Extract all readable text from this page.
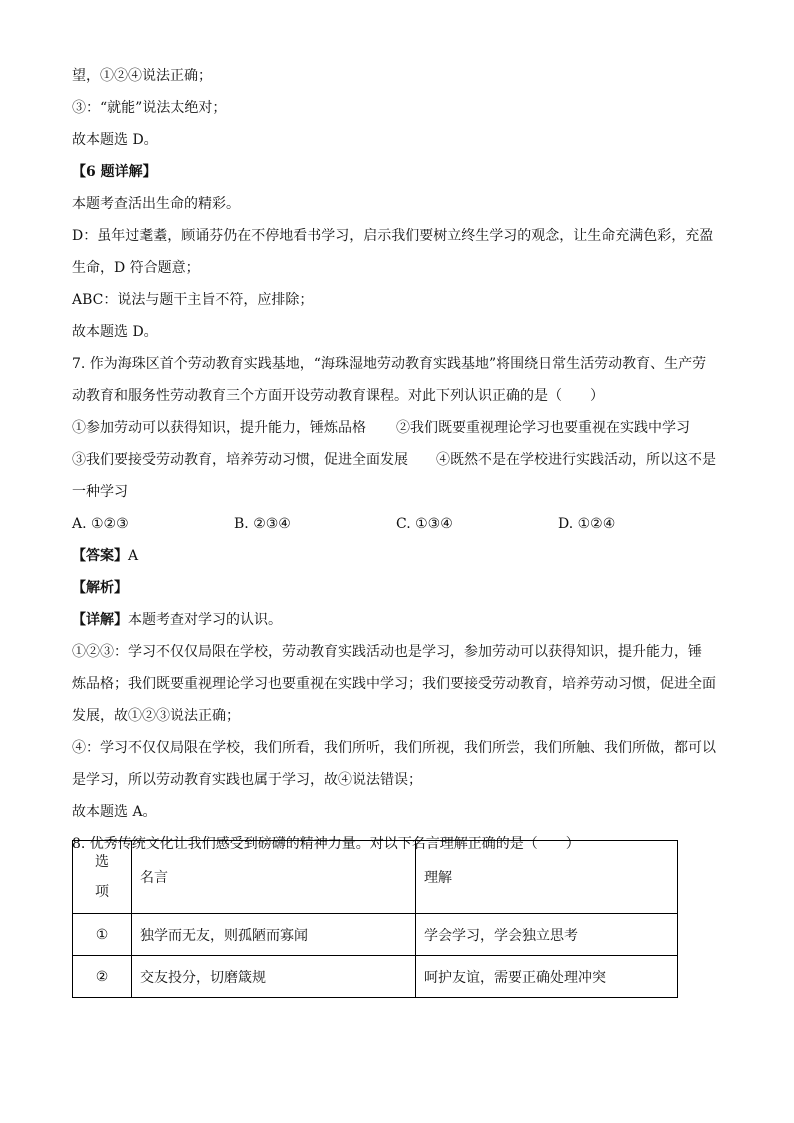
望，①②④说法正确；
③：“就能”说法太绝对；
故本题选 D。
【6 题详解】
本题考查活出生命的精彩。
D：虽年过耄耋，顾诵芬仍在不停地看书学习，启示我们要树立终生学习的观念，让生命充满色彩，充盈
生命，D 符合题意；
ABC：说法与题干主旨不符，应排除；
故本题选 D。
7. 作为海珠区首个劳动教育实践基地，“海珠湿地劳动教育实践基地”将围绕日常生活劳动教育、生产劳
动教育和服务性劳动教育三个方面开设劳动教育课程。对此下列认识正确的是（　　）
①参加劳动可以获得知识，提升能力，锤炼品格 ②我们既要重视理论学习也要重视在实践中学习
③我们要接受劳动教育，培养劳动习惯，促进全面发展 ④既然不是在学校进行实践活动，所以这不是
一种学习
A. ①②③	B. ②③④	C. ①③④	D. ①②④
【答案】A
【解析】
【详解】本题考查对学习的认识。
①②③：学习不仅仅局限在学校，劳动教育实践活动也是学习，参加劳动可以获得知识，提升能力，锤
炼品格；我们既要重视理论学习也要重视在实践中学习；我们要接受劳动教育，培养劳动习惯，促进全面
发展，故①②③说法正确；
④：学习不仅仅局限在学校，我们所看，我们所听，我们所视，我们所尝，我们所触、我们所做，都可以
是学习，所以劳动教育实践也属于学习，故④说法错误；
故本题选 A。
8. 优秀传统文化让我们感受到磅礴的精神力量。对以下名言理解正确的是（　　）
选
项	名言	理解
①	独学而无友，则孤陋而寡闻	学会学习，学会独立思考
②	交友投分，切磨箴规	呵护友谊，需要正确处理冲突
